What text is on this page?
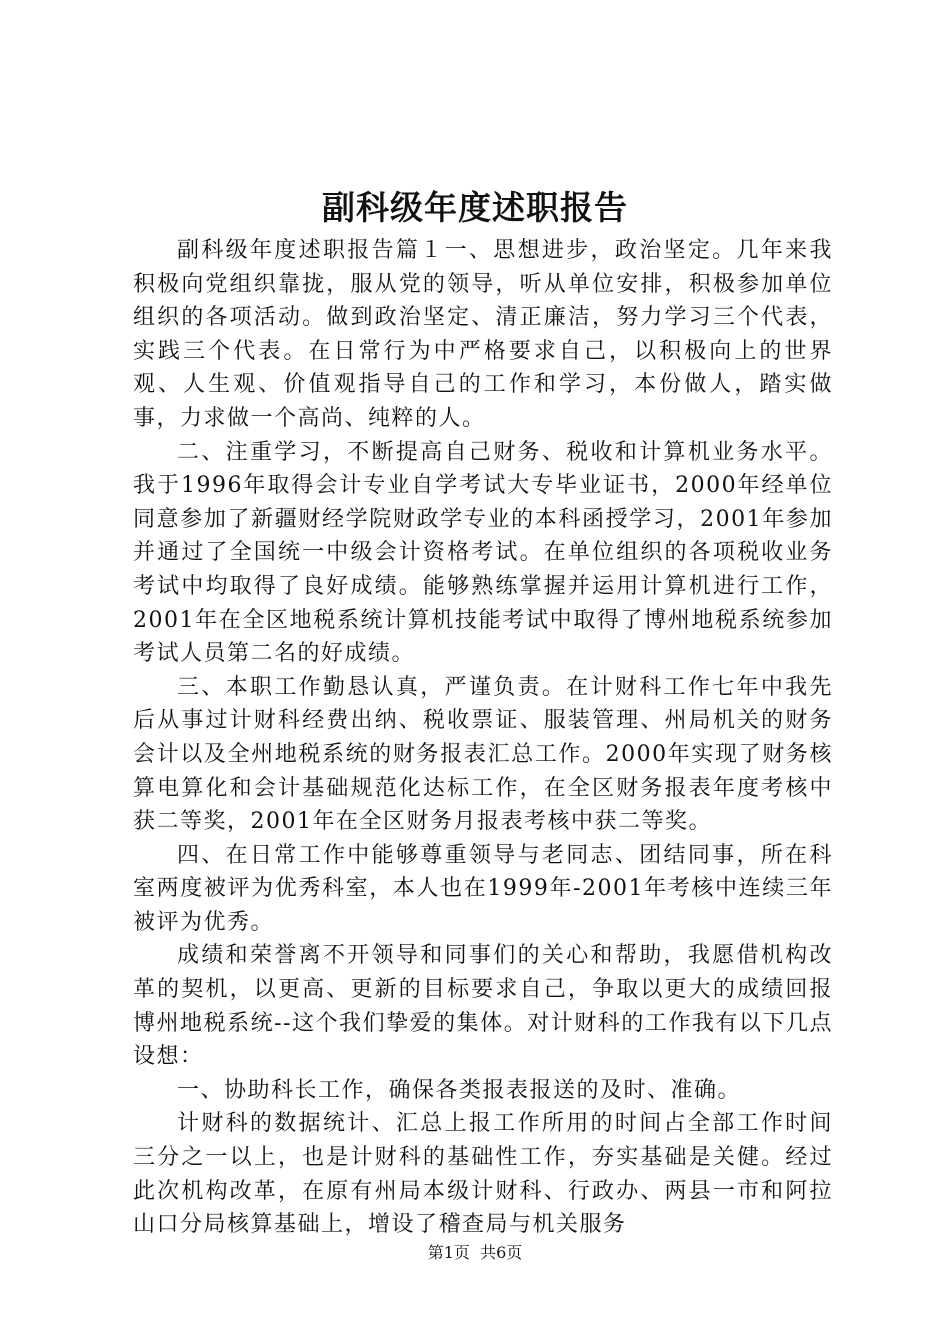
副科级年度述职报告

副科级年度述职报告篇１一、思想进步，政治坚定。几年来我积极向党组织靠拢，服从党的领导，听从单位安排，积极参加单位组织的各项活动。做到政治坚定、清正廉洁，努力学习三个代表，实践三个代表。在日常行为中严格要求自己，以积极向上的世界观、人生观、价值观指导自己的工作和学习，本份做人，踏实做事，力求做一个高尚、纯粹的人。

二、注重学习，不断提高自己财务、税收和计算机业务水平。我于1996年取得会计专业自学考试大专毕业证书，2000年经单位同意参加了新疆财经学院财政学专业的本科函授学习，2001年参加并通过了全国统一中级会计资格考试。在单位组织的各项税收业务考试中均取得了良好成绩。能够熟练掌握并运用计算机进行工作，2001年在全区地税系统计算机技能考试中取得了博州地税系统参加考试人员第二名的好成绩。

三、本职工作勤恳认真，严谨负责。在计财科工作七年中我先后从事过计财科经费出纳、税收票证、服装管理、州局机关的财务会计以及全州地税系统的财务报表汇总工作。2000年实现了财务核算电算化和会计基础规范化达标工作，在全区财务报表年度考核中获二等奖，2001年在全区财务月报表考核中获二等奖。

四、在日常工作中能够尊重领导与老同志、团结同事，所在科室两度被评为优秀科室，本人也在1999年-2001年考核中连续三年被评为优秀。

成绩和荣誉离不开领导和同事们的关心和帮助，我愿借机构改革的契机，以更高、更新的目标要求自己，争取以更大的成绩回报博州地税系统--这个我们挚爱的集体。对计财科的工作我有以下几点设想：

一、协助科长工作，确保各类报表报送的及时、准确。

计财科的数据统计、汇总上报工作所用的时间占全部工作时间三分之一以上，也是计财科的基础性工作，夯实基础是关健。经过此次机构改革，在原有州局本级计财科、行政办、两县一市和阿拉山口分局核算基础上，增设了稽查局与机关服务

第1页 共6页
